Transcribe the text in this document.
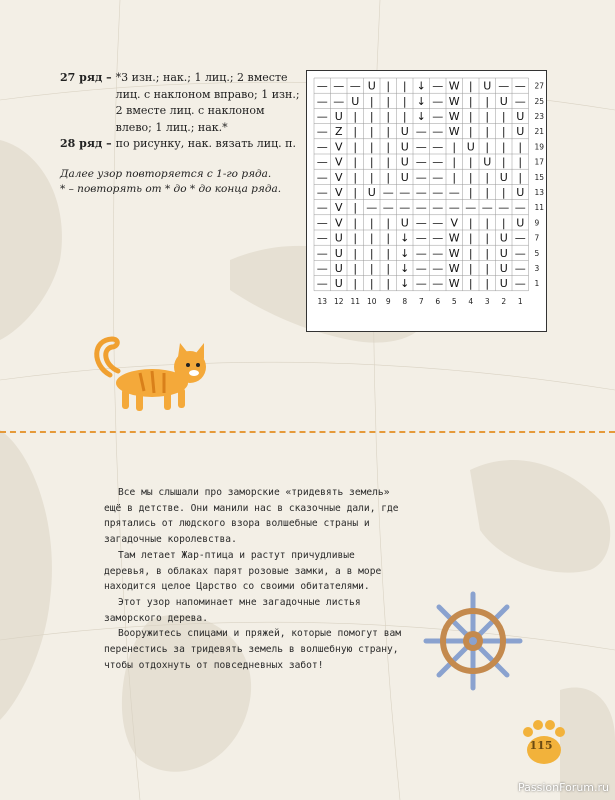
27 ряд – *3 изн.; нак.; 1 лиц.; 2 вместе лиц. с наклоном вправо; 1 изн.; 2 вместе лиц. с наклоном влево; 1 лиц.; нак.*
28 ряд – по рисунку, нак. вязать лиц. п.
Далее узор повторяется с 1-го ряда.
* – повторять от * до * до конца ряда.
— — — U | | ↓ — W | U — —
— — U | | | ↓ — W | | U —
— U | | | | ↓ — W | | | U
— Z | | | U — — W | | | U
— V | | | U — — | U | | |
— V | | | U — — | | U | |
— V | | | U — — | | | U |
— V | U — — — — — | | | U
— V | — — — — — — — — — —
— V | | | U — — V | | | U
— U | | | ↓ — — W | | U —
— U | | | ↓ — — W | | U —
— U | | | ↓ — — W | | U —
— U | | | ↓ — — W | | U —
27
25
23
21
19
17
15
13
11
9
7
5
3
1
13 12 11 10 9 8 7 6 5 4 3 2 1

Все мы слышали про заморские «тридевять земель» ещё в детстве. Они манили нас в сказочные дали, где прятались от людского взора волшебные страны и загадочные королевства.

Там летает Жар-птица и растут причудливые деревья, в облаках парят розовые замки, а в море находится целое Царство со своими обитателями.

Этот узор напоминает мне загадочные листья заморского дерева.

Вооружитесь спицами и пряжей, которые помогут вам перенестись за тридевять земель в волшебную страну, чтобы отдохнуть от повседневных забот!

115
PassionForum.ru
